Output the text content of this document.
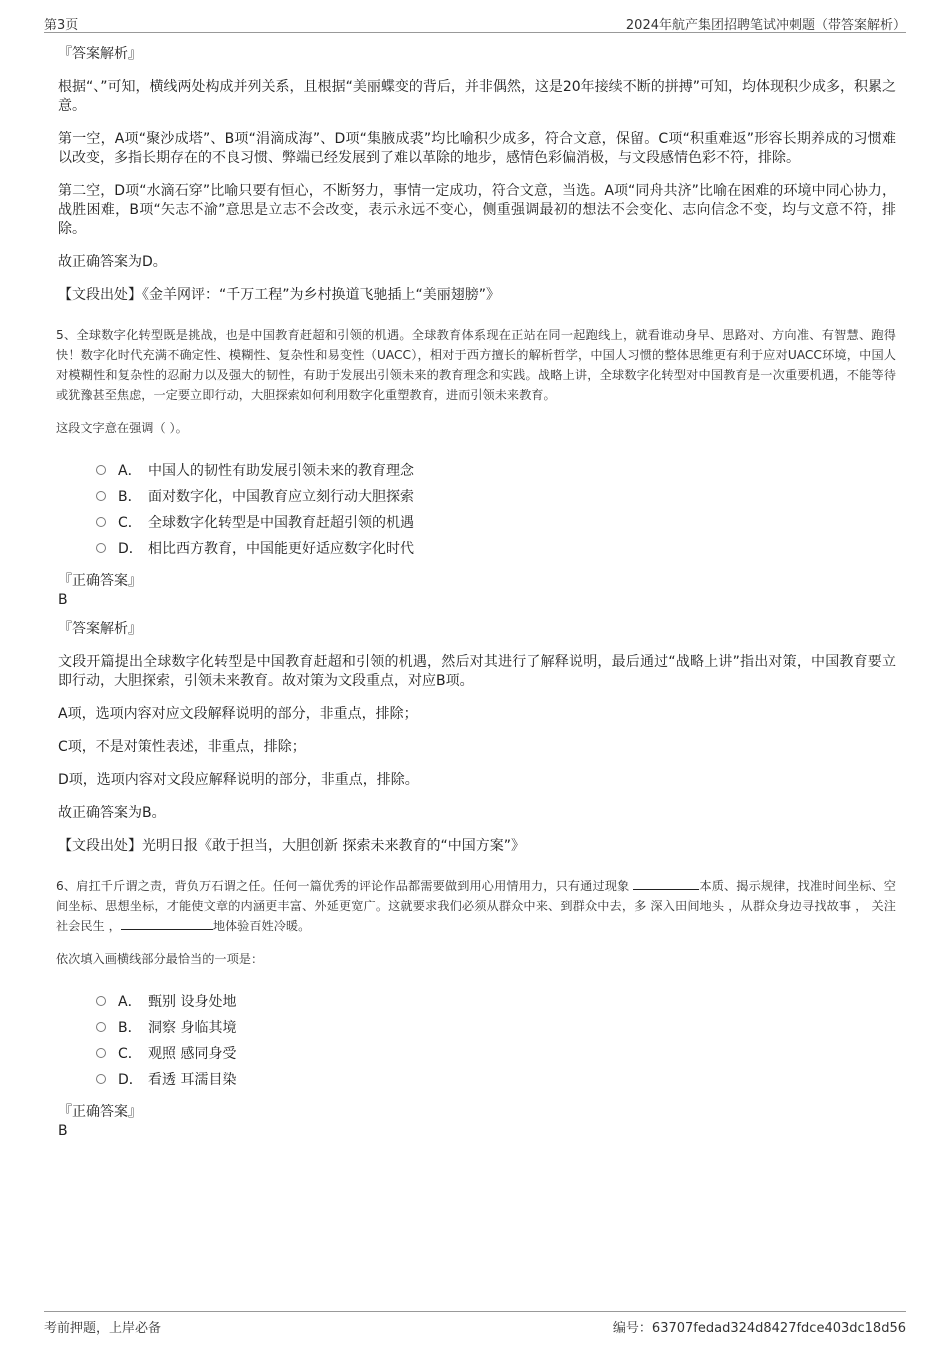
第3页	2024年航产集团招聘笔试冲刺题（带答案解析）
『答案解析』

根据“、”可知，横线两处构成并列关系，且根据“美丽蝶变的背后，并非偶然，这是20年接续不断的拼搏”可知，均体现积少成多，积累之意。

第一空，A项“聚沙成塔”、B项“涓滴成海”、D项“集腋成裘”均比喻积少成多，符合文意，保留。C项“积重难返”形容长期养成的习惯难以改变，多指长期存在的不良习惯、弊端已经发展到了难以革除的地步，感情色彩偏消极，与文段感情色彩不符，排除。

第二空，D项“水滴石穿”比喻只要有恒心，不断努力，事情一定成功，符合文意，当选。A项“同舟共济”比喻在困难的环境中同心协力，战胜困难，B项“矢志不渝”意思是立志不会改变，表示永远不变心，侧重强调最初的想法不会变化、志向信念不变，均与文意不符，排除。

故正确答案为D。

【文段出处】《金羊网评：“千万工程”为乡村换道飞驰插上“美丽翅膀”》

5、全球数字化转型既是挑战，也是中国教育赶超和引领的机遇。全球教育体系现在正站在同一起跑线上，就看谁动身早、思路对、方向准、有智慧、跑得快！数字化时代充满不确定性、模糊性、复杂性和易变性（UACC），相对于西方擅长的解析哲学，中国人习惯的整体思维更有利于应对UACC环境，中国人对模糊性和复杂性的忍耐力以及强大的韧性，有助于发展出引领未来的教育理念和实践。战略上讲，全球数字化转型对中国教育是一次重要机遇，不能等待或犹豫甚至焦虑，一定要立即行动，大胆探索如何利用数字化重塑教育，进而引领未来教育。

这段文字意在强调（ ）。

A． 中国人的韧性有助发展引领未来的教育理念
B． 面对数字化，中国教育应立刻行动大胆探索
C． 全球数字化转型是中国教育赶超引领的机遇
D． 相比西方教育，中国能更好适应数字化时代
『正确答案』
B
『答案解析』

文段开篇提出全球数字化转型是中国教育赶超和引领的机遇，然后对其进行了解释说明，最后通过“战略上讲”指出对策，中国教育要立即行动，大胆探索，引领未来教育。故对策为文段重点，对应B项。

A项，选项内容对应文段解释说明的部分，非重点，排除；

C项，不是对策性表述，非重点，排除；

D项，选项内容对文段应解释说明的部分，非重点，排除。

故正确答案为B。

【文段出处】光明日报《敢于担当，大胆创新 探索未来教育的“中国方案”》

6、肩扛千斤谓之责，背负万石谓之任。任何一篇优秀的评论作品都需要做到用心用情用力，只有通过现象	本质、揭示规律，找准时间坐标、空间坐标、思想坐标，才能使文章的内涵更丰富、外延更宽广。这就要求我们必须从群众中来、到群众中去，多 深入田间地头 ，从群众身边寻找故事 ， 关注社会民生 ，	地体验百姓冷暖。

依次填入画横线部分最恰当的一项是：

A． 甄别 设身处地
B． 洞察 身临其境
C． 观照 感同身受
D． 看透 耳濡目染
『正确答案』
B
考前押题，上岸必备	编号：63707fedad324d8427fdce403dc18d56
